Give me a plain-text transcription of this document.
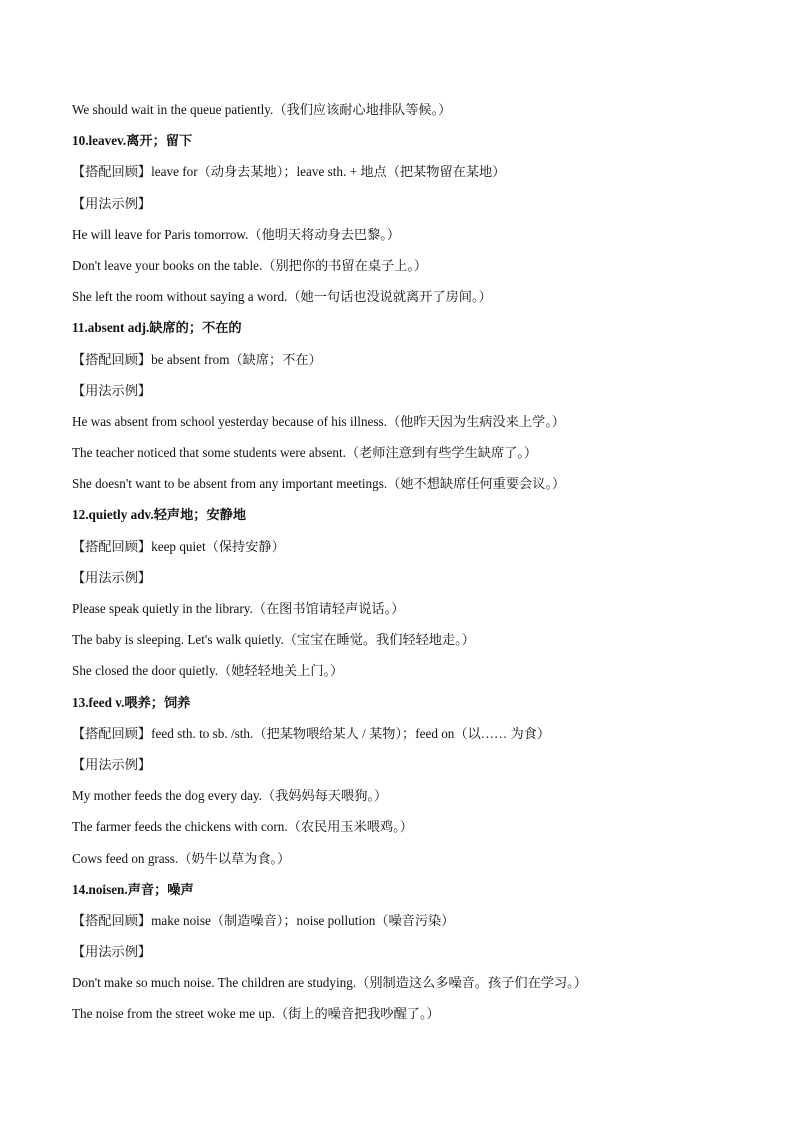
We should wait in the queue patiently.（我们应该耐心地排队等候。）
10.leavev.离开；留下
【搭配回顾】leave for（动身去某地）；leave sth. + 地点（把某物留在某地）
【用法示例】
He will leave for Paris tomorrow.（他明天将动身去巴黎。）
Don't leave your books on the table.（别把你的书留在桌子上。）
She left the room without saying a word.（她一句话也没说就离开了房间。）
11.absent adj.缺席的；不在的
【搭配回顾】be absent from（缺席；不在）
【用法示例】
He was absent from school yesterday because of his illness.（他昨天因为生病没来上学。）
The teacher noticed that some students were absent.（老师注意到有些学生缺席了。）
She doesn't want to be absent from any important meetings.（她不想缺席任何重要会议。）
12.quietly adv.轻声地；安静地
【搭配回顾】keep quiet（保持安静）
【用法示例】
Please speak quietly in the library.（在图书馆请轻声说话。）
The baby is sleeping. Let's walk quietly.（宝宝在睡觉。我们轻轻地走。）
She closed the door quietly.（她轻轻地关上门。）
13.feed v.喂养；饲养
【搭配回顾】feed sth. to sb. /sth.（把某物喂给某人 / 某物）；feed on（以…… 为食）
【用法示例】
My mother feeds the dog every day.（我妈妈每天喂狗。）
The farmer feeds the chickens with corn.（农民用玉米喂鸡。）
Cows feed on grass.（奶牛以草为食。）
14.noisen.声音；噪声
【搭配回顾】make noise（制造噪音）；noise pollution（噪音污染）
【用法示例】
Don't make so much noise. The children are studying.（别制造这么多噪音。孩子们在学习。）
The noise from the street woke me up.（街上的噪音把我吵醒了。）
